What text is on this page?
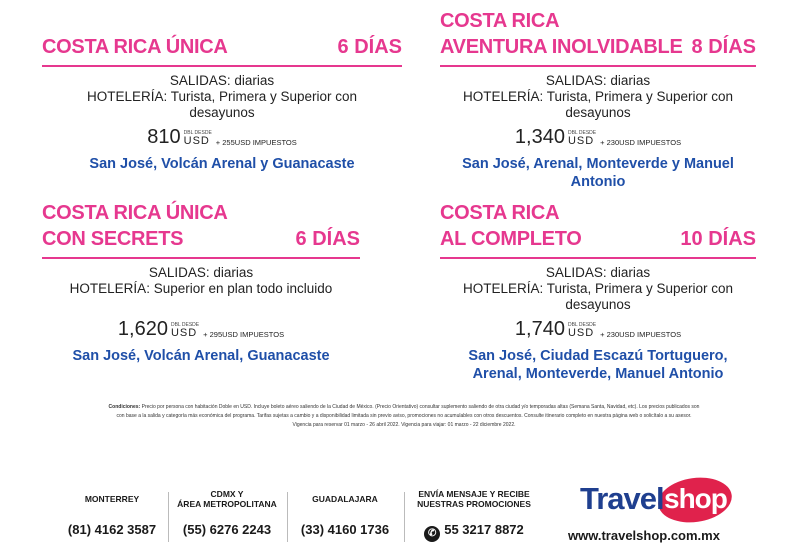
COSTA RICA ÚNICA	6 DÍAS
SALIDAS: diarias
HOTELERÍA: Turista, Primera y Superior con
desayunos
810 DBL DESDE
USD + 255USD IMPUESTOS
San José, Volcán Arenal y Guanacaste
COSTA RICA
AVENTURA INOLVIDABLE 8 DÍAS
SALIDAS: diarias
HOTELERÍA: Turista, Primera y Superior con
desayunos
1,340 DBL DESDE
USD + 230USD IMPUESTOS
San José, Arenal, Monteverde y Manuel
Antonio
COSTA RICA ÚNICA
CON SECRETS	6 DÍAS
SALIDAS: diarias
HOTELERÍA: Superior en plan todo incluido
1,620 DBL DESDE
USD + 295USD IMPUESTOS
San José, Volcán Arenal, Guanacaste
COSTA RICA
AL COMPLETO	10 DÍAS
SALIDAS: diarias
HOTELERÍA: Turista, Primera y Superior con
desayunos
1,740 DBL DESDE
USD + 230USD IMPUESTOS
San José, Ciudad Escazú Tortuguero,
Arenal, Monteverde, Manuel Antonio
Condiciones: Precio por persona con habitación Doble en USD. Incluye boleto aéreo saliendo de la Ciudad de México. (Precio Orientativo) consultar suplemento saliendo de otra ciudad y/o temporadas altas (Semana Santa, Navidad, etc). Los precios publicados son con base a la salida y categoría más económica del programa. Tarifas sujetas a cambio y a disponibilidad limitada sin previo aviso, promociones no acumulables con otros descuentos. Consulte itinerario completo en nuestra página web o solicítalo a su asesor. Vigencia para reservar 01 marzo - 26 abril 2022. Vigencia para viajar: 01 marzo - 22 diciembre 2022.
MONTERREY
(81) 4162 3587
CDMX Y
ÁREA METROPOLITANA
(55) 6276 2243
GUADALAJARA
(33) 4160 1736
ENVÍA MENSAJE Y RECIBE
NUESTRAS PROMOCIONES
✆ 55 3217 8872
Travel shop
www.travelshop.com.mx
